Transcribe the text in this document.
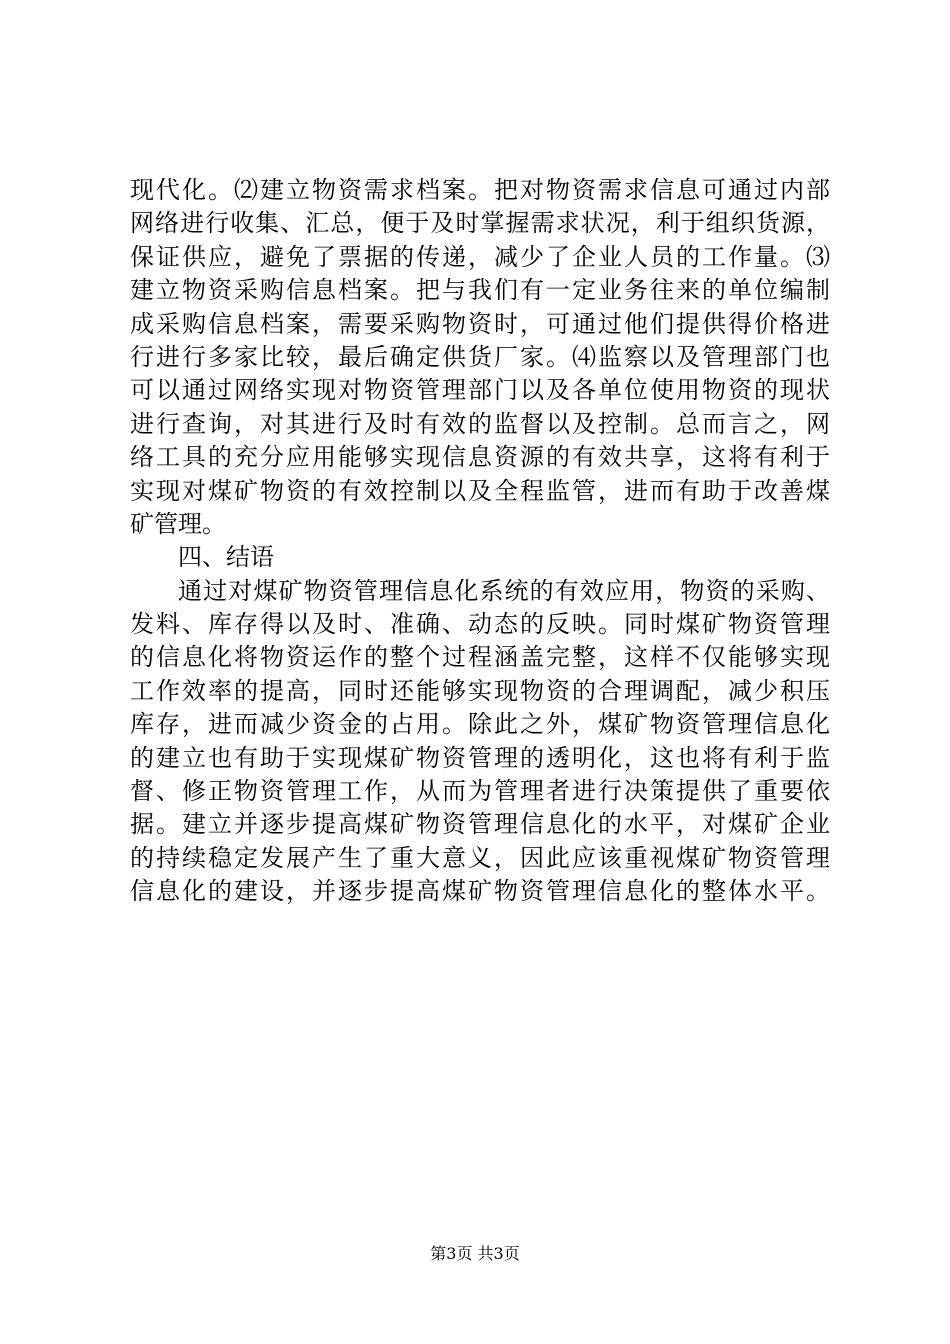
现代化。⑵建立物资需求档案。把对物资需求信息可通过内部
网络进行收集、汇总，便于及时掌握需求状况，利于组织货源，
保证供应，避免了票据的传递，减少了企业人员的工作量。⑶
建立物资采购信息档案。把与我们有一定业务往来的单位编制
成采购信息档案，需要采购物资时，可通过他们提供得价格进
行进行多家比较，最后确定供货厂家。⑷监察以及管理部门也
可以通过网络实现对物资管理部门以及各单位使用物资的现状
进行查询，对其进行及时有效的监督以及控制。总而言之，网
络工具的充分应用能够实现信息资源的有效共享，这将有利于
实现对煤矿物资的有效控制以及全程监管，进而有助于改善煤
矿管理。
四、结语
通过对煤矿物资管理信息化系统的有效应用，物资的采购、
发料、库存得以及时、准确、动态的反映。同时煤矿物资管理
的信息化将物资运作的整个过程涵盖完整，这样不仅能够实现
工作效率的提高，同时还能够实现物资的合理调配，减少积压
库存，进而减少资金的占用。除此之外，煤矿物资管理信息化
的建立也有助于实现煤矿物资管理的透明化，这也将有利于监
督、修正物资管理工作，从而为管理者进行决策提供了重要依
据。建立并逐步提高煤矿物资管理信息化的水平，对煤矿企业
的持续稳定发展产生了重大意义，因此应该重视煤矿物资管理
信息化的建设，并逐步提高煤矿物资管理信息化的整体水平。
第3页 共3页
